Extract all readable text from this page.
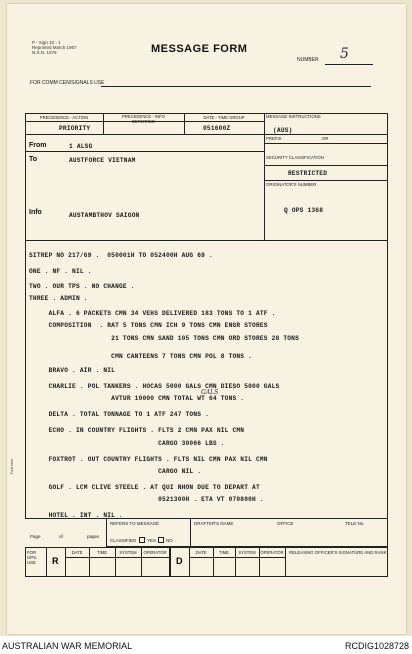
P - Sign 32 - 1
Reprinted March 1967
N.S.N. 1678	MESSAGE FORM
NUMBER 5
FOR COMM CEN/SIGNALS USE
PRECEDENCE - ACTION
PRIORITY
PRECEDENCE - INFO
DEFERRED
DATE - TIME GROUP
051600Z
MESSAGE INSTRUCTIONS
(AUS)
PREFIX	GR
From	1 ALSG
To	AUSTFORCE VIETNAM	SECURITY CLASSIFICATION
RESTRICTED
ORIGINATOR'S NUMBER
Q OPS 1368
Info	AUSTAMBTHOV SAIGON
SITREP NO 217/69 .  050001H TO 052400H AUG 69 .
ONE . NF . NIL .
TWO . OUR TPS . NO CHANGE .
THREE . ADMIN .
ALFA . 6 PACKETS CMN 34 VEHS DELIVERED 183 TONS TO 1 ATF .
COMPOSITION  . RAT 5 TONS CMN ICH 9 TONS CMN ENGR STORES
21 TONS CMN SAND 105 TONS CMN ORD STORES 28 TONS
CMN CANTEENS 7 TONS CMN POL 8 TONS .
BRAVO . AIR . NIL
CHARLIE . POL TANKERS . HOCAS 5000 GALS CMN DIESO 5000 GALS
AVTUR 10000 CMN TOTAL WT 64 TONS .
DELTA . TOTAL TONNAGE TO 1 ATF 247 TONS .
ECHO . IN COUNTRY FLIGHTS . FLTS 2 CMN PAX NIL CMN
CARGO 30066 LBS .
FOXTROT . OUT COUNTRY FLIGHTS . FLTS NIL CMN PAX NIL CMN
CARGO NIL .
GOLF . LCM CLIVE STEELE . AT QUI NHON DUE TO DEPART AT
0521300H . ETA VT 070800H .
HOTEL . INT . NIL .
GALS
Fold here
Page	of	pages
REFERS TO MESSAGE
CLASSIFIED YES NO
DRAFTER'S NAME	OFFICE	TELE No.
FOR OPS. USE	R
DATE	TIME	SYSTEM	OPERATOR
D
DATE	TIME	SYSTEM	OPERATOR	RELEASING OFFICER'S SIGNATURE AND RANK
AUSTRALIAN WAR MEMORIAL	RCDIG1028728
